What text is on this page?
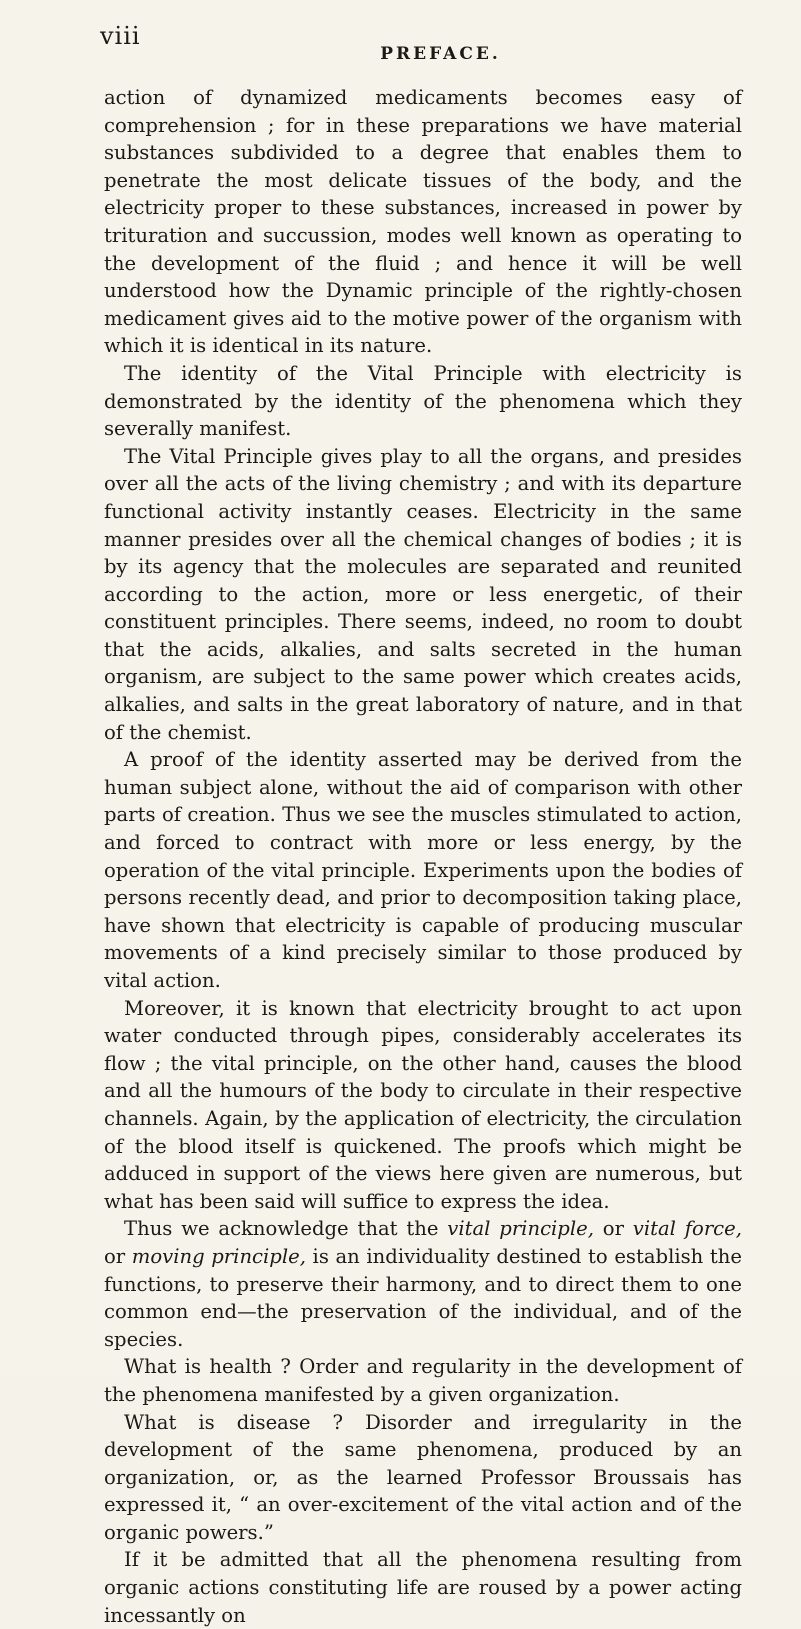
viii
PREFACE.

action of dynamized medicaments becomes easy of comprehension ; for in these preparations we have material substances subdivided to a degree that enables them to penetrate the most delicate tissues of the body, and the electricity proper to these substances, increased in power by trituration and succussion, modes well known as operating to the development of the fluid ; and hence it will be well understood how the Dynamic principle of the rightly-chosen medicament gives aid to the motive power of the organism with which it is identical in its nature.

The identity of the Vital Principle with electricity is demonstrated by the identity of the phenomena which they severally manifest.

The Vital Principle gives play to all the organs, and presides over all the acts of the living chemistry ; and with its departure functional activity instantly ceases. Electricity in the same manner presides over all the chemical changes of bodies ; it is by its agency that the molecules are separated and reunited according to the action, more or less energetic, of their constituent principles. There seems, indeed, no room to doubt that the acids, alkalies, and salts secreted in the human organism, are subject to the same power which creates acids, alkalies, and salts in the great laboratory of nature, and in that of the chemist.

A proof of the identity asserted may be derived from the human subject alone, without the aid of comparison with other parts of creation. Thus we see the muscles stimulated to action, and forced to contract with more or less energy, by the operation of the vital principle. Experiments upon the bodies of persons recently dead, and prior to decomposition taking place, have shown that electricity is capable of producing muscular movements of a kind precisely similar to those produced by vital action.

Moreover, it is known that electricity brought to act upon water conducted through pipes, considerably accelerates its flow ; the vital principle, on the other hand, causes the blood and all the humours of the body to circulate in their respective channels. Again, by the application of electricity, the circulation of the blood itself is quickened. The proofs which might be adduced in support of the views here given are numerous, but what has been said will suffice to express the idea.

Thus we acknowledge that the vital principle, or vital force, or moving principle, is an individuality destined to establish the functions, to preserve their harmony, and to direct them to one common end—the preservation of the individual, and of the species.

What is health ? Order and regularity in the development of the phenomena manifested by a given organization.

What is disease ? Disorder and irregularity in the development of the same phenomena, produced by an organization, or, as the learned Professor Broussais has expressed it, “ an over-excitement of the vital action and of the organic powers.”

If it be admitted that all the phenomena resulting from organic actions constituting life are roused by a power acting incessantly on
